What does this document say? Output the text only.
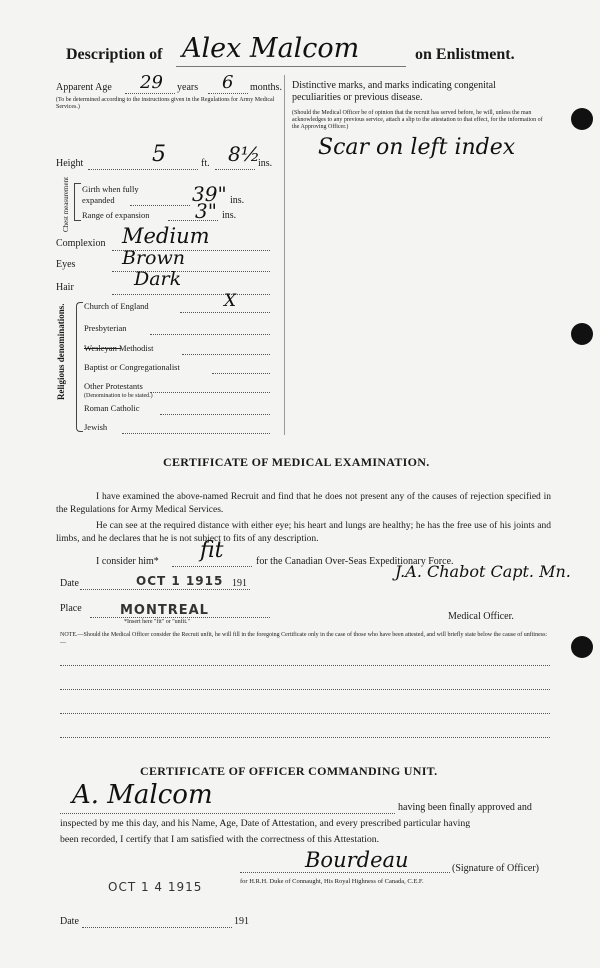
Description of Alex Malcom	on Enlistment.
Apparent Age 29 years 6 months.
(To be determined according to the instructions given in the Regulations for Army Medical Services.)
Height	5	ft. 8½
ins.
Chest measurement Girth when fully expanded	39" ins.
Range of expansion 3" ins.
Complexion Medium
Eyes Brown
Hair	Dark
Religious denominations. Church of England	X
Presbyterian
Wesleyan Methodist
Baptist or Congregationalist
Other Protestants
(Denomination to be stated.)
Roman Catholic
Jewish
Distinctive marks, and marks indicating congenital peculiarities or previous disease.
(Should the Medical Officer be of opinion that the recruit has served before, he will, unless the man acknowledges to any previous service, attach a slip to the attestation to that effect, for the information of the Approving Officer.)
Scar on left index
CERTIFICATE OF MEDICAL EXAMINATION.
I have examined the above-named Recruit and find that he does not present any of the causes of rejection specified in the Regulations for Army Medical Services.
He can see at the required distance with either eye; his heart and lungs are healthy; he has the free use of his joints and limbs, and he declares that he is not subject to fits of any description.
I consider him* fit	for the Canadian Over-Seas Expeditionary Force.
Date	OCT 1 1915 191
J.A. Chabot Capt. Mn.
Place	MONTREAL
*Insert here "fit" or "unfit."	Medical Officer.
NOTE.—Should the Medical Officer consider the Recruit unfit, he will fill in the foregoing Certificate only in the case of those who have been attested, and will briefly state below the cause of unfitness:—
CERTIFICATE OF OFFICER COMMANDING UNIT.
A. Malcom	having been finally approved and
inspected by me this day, and his Name, Age, Date of Attestation, and every prescribed particular having
been recorded, I certify that I am satisfied with the correctness of this Attestation.
Bourdeau	(Signature of Officer)
for H.R.H. Duke of Connaught, His Royal Highness of Canada, C.E.F.
OCT 1 4 1915
Date	191
